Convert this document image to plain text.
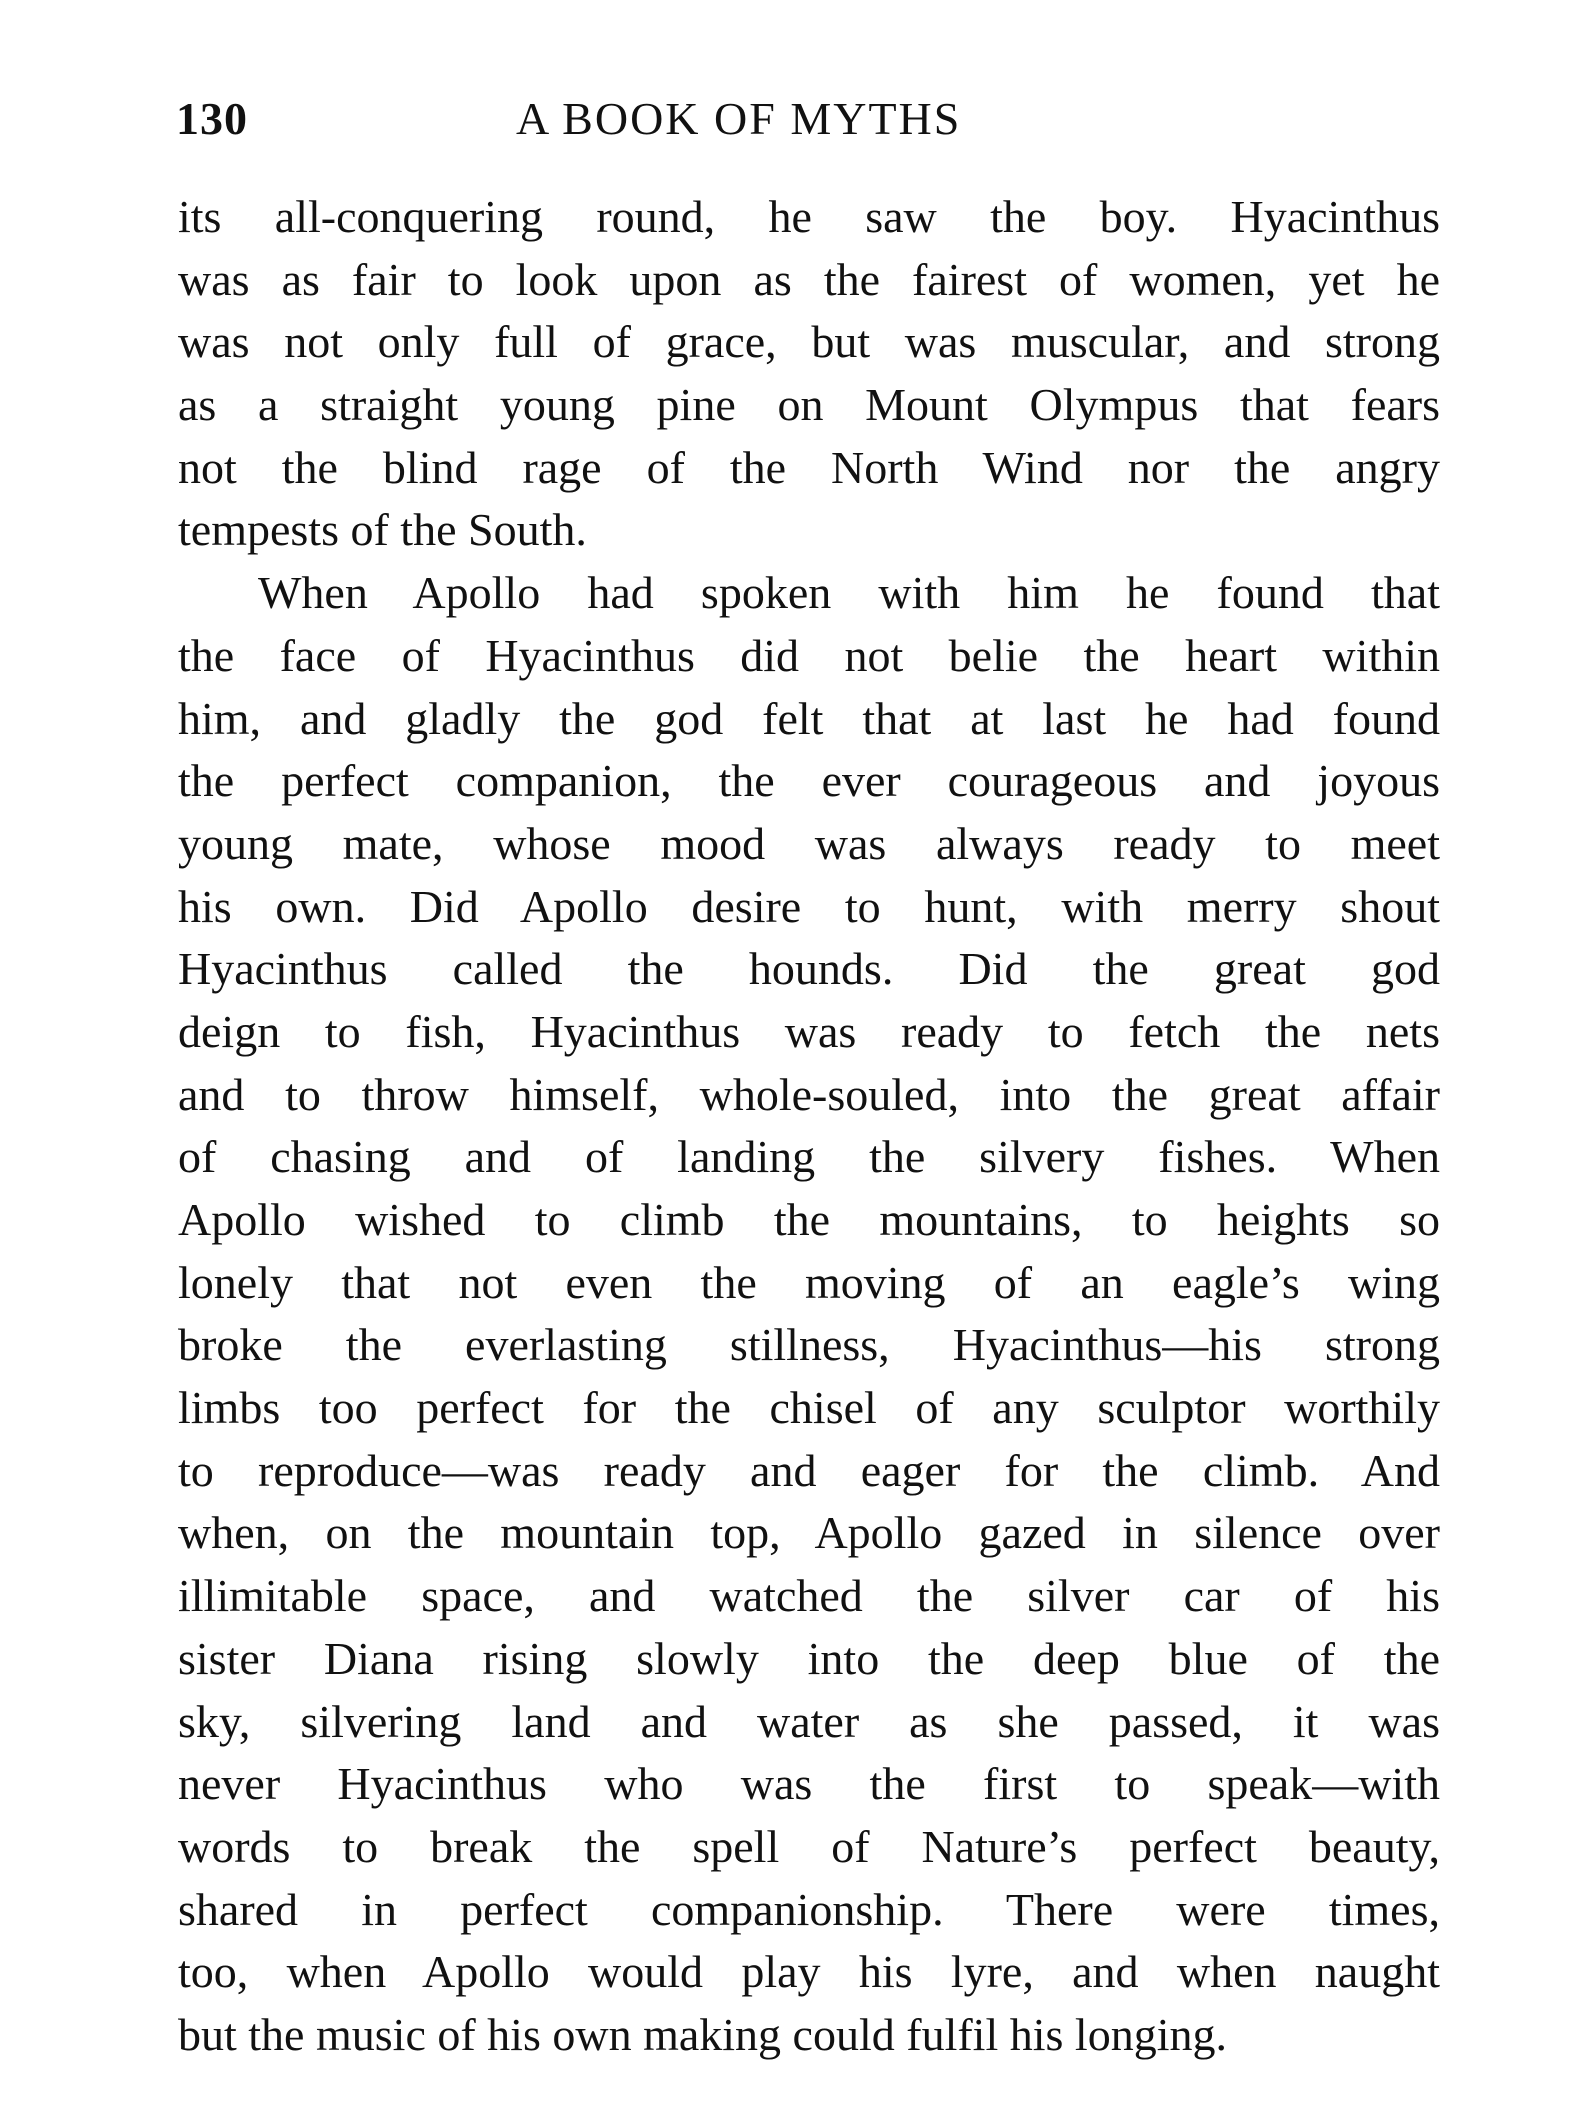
130	A BOOK OF MYTHS
its all-conquering round, he saw the boy. Hyacinthus
was as fair to look upon as the fairest of women, yet he
was not only full of grace, but was muscular, and strong
as a straight young pine on Mount Olympus that fears
not the blind rage of the North Wind nor the angry
tempests of the South.
When Apollo had spoken with him he found that
the face of Hyacinthus did not belie the heart within
him, and gladly the god felt that at last he had found
the perfect companion, the ever courageous and joyous
young mate, whose mood was always ready to meet
his own. Did Apollo desire to hunt, with merry shout
Hyacinthus called the hounds. Did the great god
deign to fish, Hyacinthus was ready to fetch the nets
and to throw himself, whole-souled, into the great affair
of chasing and of landing the silvery fishes. When
Apollo wished to climb the mountains, to heights so
lonely that not even the moving of an eagle’s wing
broke the everlasting stillness, Hyacinthus—his strong
limbs too perfect for the chisel of any sculptor worthily
to reproduce—was ready and eager for the climb. And
when, on the mountain top, Apollo gazed in silence over
illimitable space, and watched the silver car of his
sister Diana rising slowly into the deep blue of the
sky, silvering land and water as she passed, it was
never Hyacinthus who was the first to speak—with
words to break the spell of Nature’s perfect beauty,
shared in perfect companionship. There were times,
too, when Apollo would play his lyre, and when naught
but the music of his own making could fulfil his longing.
